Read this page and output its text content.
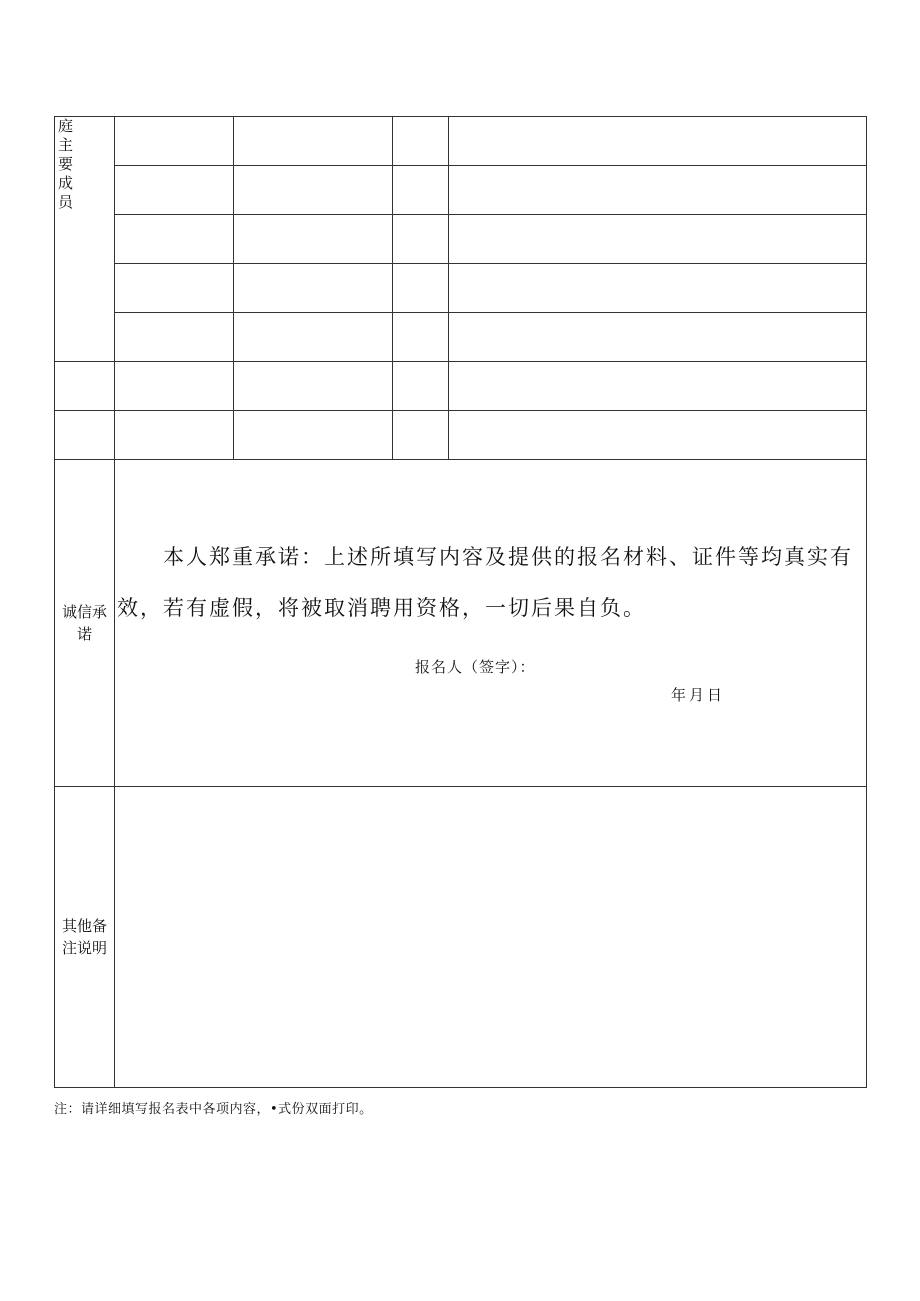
庭主要成员				

诚信承诺	本人郑重承诺：上述所填写内容及提供的报名材料、证件等均真实有效，若有虚假，将被取消聘用资格，一切后果自负。

报名人（签字）：
年月日			

其他备注说明				

注：请详细填写报名表中各项内容，•式份双面打印。
